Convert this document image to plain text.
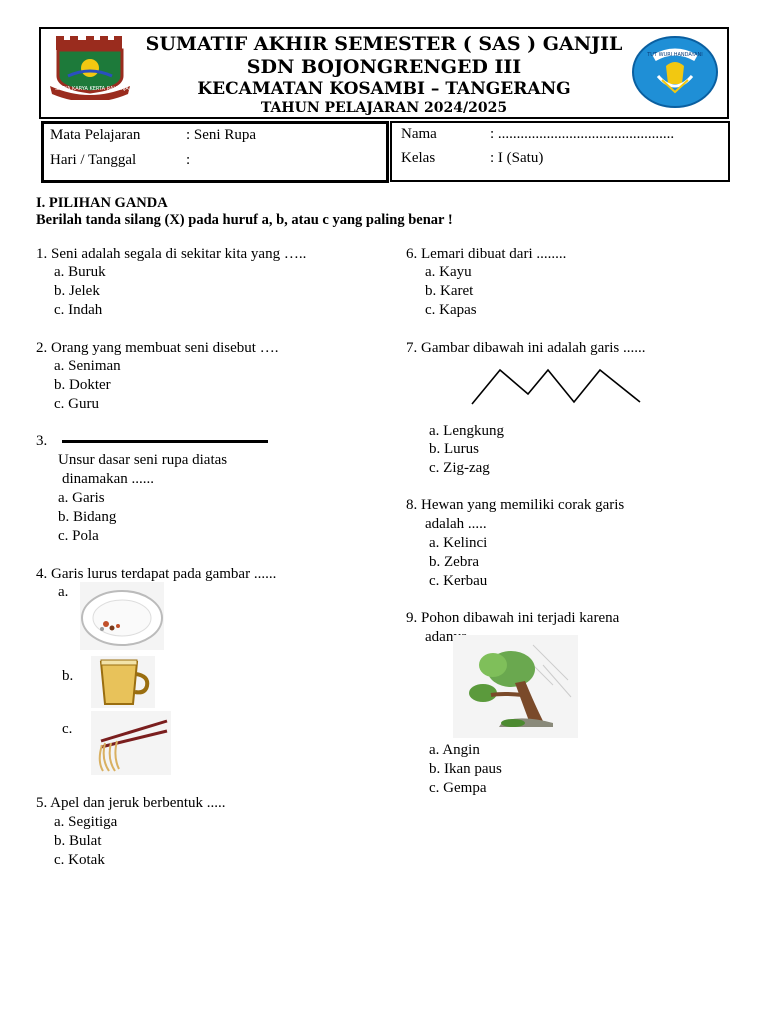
SATYA KARYA KERTA RAHARJA
TUT WURI HANDAYANI
SUMATIF AKHIR SEMESTER ( SAS ) GANJIL
SDN BOJONGRENGED III
KECAMATAN KOSAMBI – TANGERANG
TAHUN PELAJARAN 2024/2025
Mata Pelajaran	: Seni Rupa
Hari / Tanggal	:
Nama	: ...............................................
Kelas	: I (Satu)
I. PILIHAN GANDA
Berilah tanda silang (X) pada huruf a, b, atau c yang paling benar !
1. Seni adalah segala di sekitar kita yang …..
a. Buruk
b. Jelek
c. Indah
2. Orang yang membuat seni disebut ….
a. Seniman
b. Dokter
c. Guru
3.
Unsur dasar seni rupa diatas
dinamakan ......
a. Garis
b. Bidang
c. Pola
4. Garis lurus terdapat pada gambar ......
a.
b.
c.
5. Apel dan jeruk berbentuk .....
a. Segitiga
b. Bulat
c. Kotak
6. Lemari dibuat dari ........
a. Kayu
b. Karet
c. Kapas
7. Gambar dibawah ini adalah garis ......
a. Lengkung
b. Lurus
c. Zig-zag
8. Hewan yang memiliki corak garis
adalah .....
a. Kelinci
b. Zebra
c. Kerbau
9. Pohon dibawah ini terjadi karena
adanya .....
a. Angin
b. Ikan paus
c. Gempa
